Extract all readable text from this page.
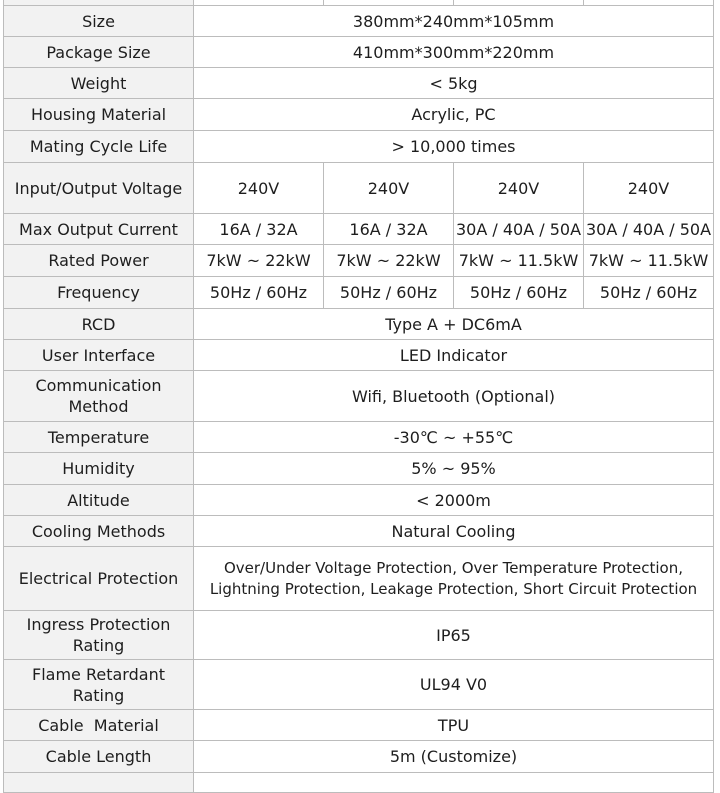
Size	380mm*240mm*105mm			
Package Size	410mm*300mm*220mm			
Weight	< 5kg			
Housing Material	Acrylic, PC			
Mating Cycle Life	> 10,000 times			
Input/Output Voltage	240V	240V	240V	240V
Max Output Current	16A / 32A	16A / 32A	30A / 40A / 50A	30A / 40A / 50A
Rated Power	7kW ~ 22kW	7kW ~ 22kW	7kW ~ 11.5kW	7kW ~ 11.5kW
Frequency	50Hz / 60Hz	50Hz / 60Hz	50Hz / 60Hz	50Hz / 60Hz
RCD	Type A + DC6mA			
User Interface	LED Indicator			
Communication Method	Wifi, Bluetooth (Optional)			
Temperature	-30℃ ~ +55℃			
Humidity	5% ~ 95%			
Altitude	< 2000m			
Cooling Methods	Natural Cooling			
Electrical Protection	Over/Under Voltage Protection, Over Temperature Protection, Lightning Protection, Leakage Protection, Short Circuit Protection			
Ingress Protection Rating	IP65			
Flame Retardant Rating	UL94 V0			
Cable  Material	TPU			
Cable Length	5m (Customize)			
